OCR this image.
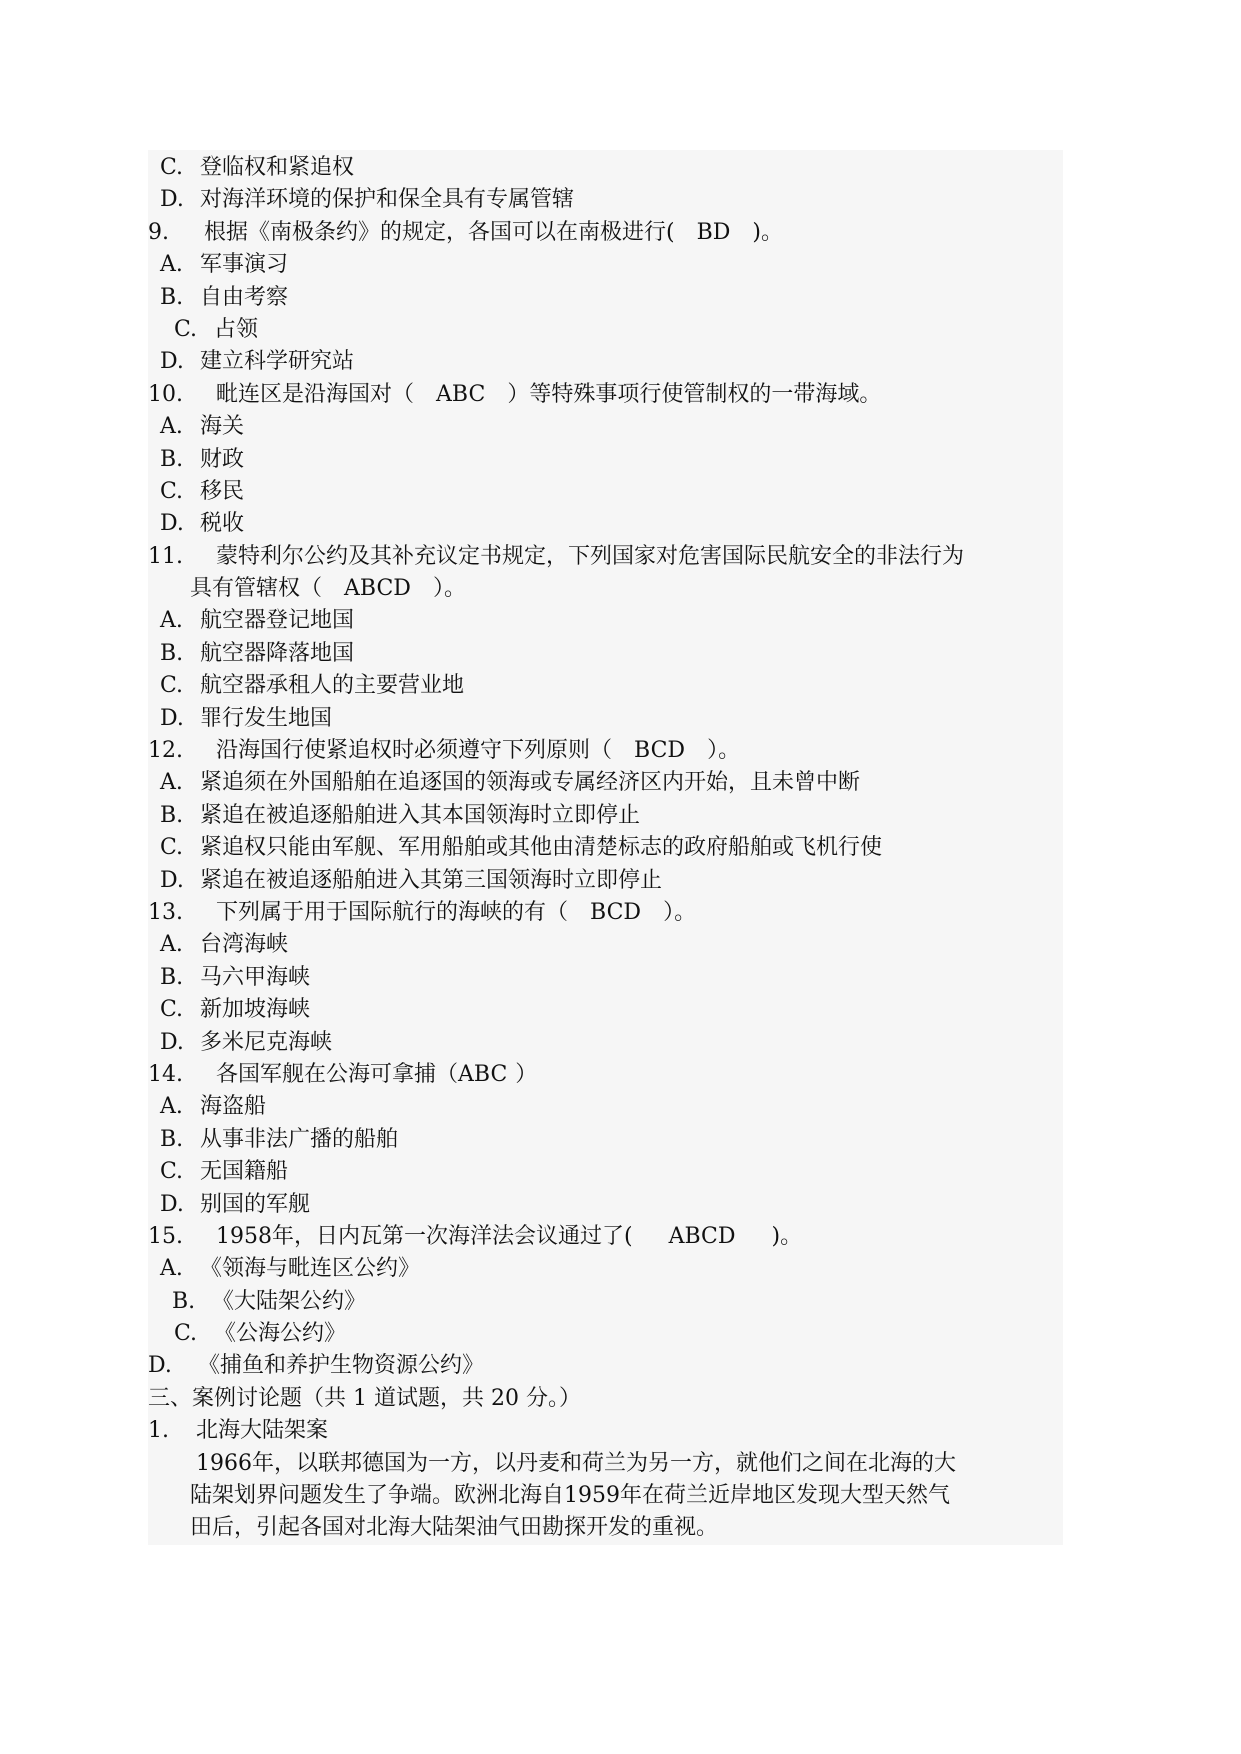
C. 登临权和紧追权
D. 对海洋环境的保护和保全具有专属管辖
9. 根据《南极条约》的规定，各国可以在南极进行( BD )。
A. 军事演习
B. 自由考察
C. 占领
D. 建立科学研究站
10. 毗连区是沿海国对（ ABC ）等特殊事项行使管制权的一带海域。
A. 海关
B. 财政
C. 移民
D. 税收
11. 蒙特利尔公约及其补充议定书规定，下列国家对危害国际民航安全的非法行为
具有管辖权（ ABCD ）。
A. 航空器登记地国
B. 航空器降落地国
C. 航空器承租人的主要营业地
D. 罪行发生地国
12. 沿海国行使紧追权时必须遵守下列原则（ BCD ）。
A. 紧追须在外国船舶在追逐国的领海或专属经济区内开始，且未曾中断
B. 紧追在被追逐船舶进入其本国领海时立即停止
C. 紧追权只能由军舰、军用船舶或其他由清楚标志的政府船舶或飞机行使
D. 紧追在被追逐船舶进入其第三国领海时立即停止
13. 下列属于用于国际航行的海峡的有（ BCD ）。
A. 台湾海峡
B. 马六甲海峡
C. 新加坡海峡
D. 多米尼克海峡
14. 各国军舰在公海可拿捕（ABC ）
A. 海盗船
B. 从事非法广播的船舶
C. 无国籍船
D. 别国的军舰
15. 1958年，日内瓦第一次海洋法会议通过了( ABCD )。
A. 《领海与毗连区公约》
B. 《大陆架公约》
C. 《公海公约》
D. 《捕鱼和养护生物资源公约》
三、案例讨论题（共 1 道试题，共 20 分。）
1. 北海大陆架案
1966年，以联邦德国为一方，以丹麦和荷兰为另一方，就他们之间在北海的大
陆架划界问题发生了争端。欧洲北海自1959年在荷兰近岸地区发现大型天然气
田后，引起各国对北海大陆架油气田勘探开发的重视。
